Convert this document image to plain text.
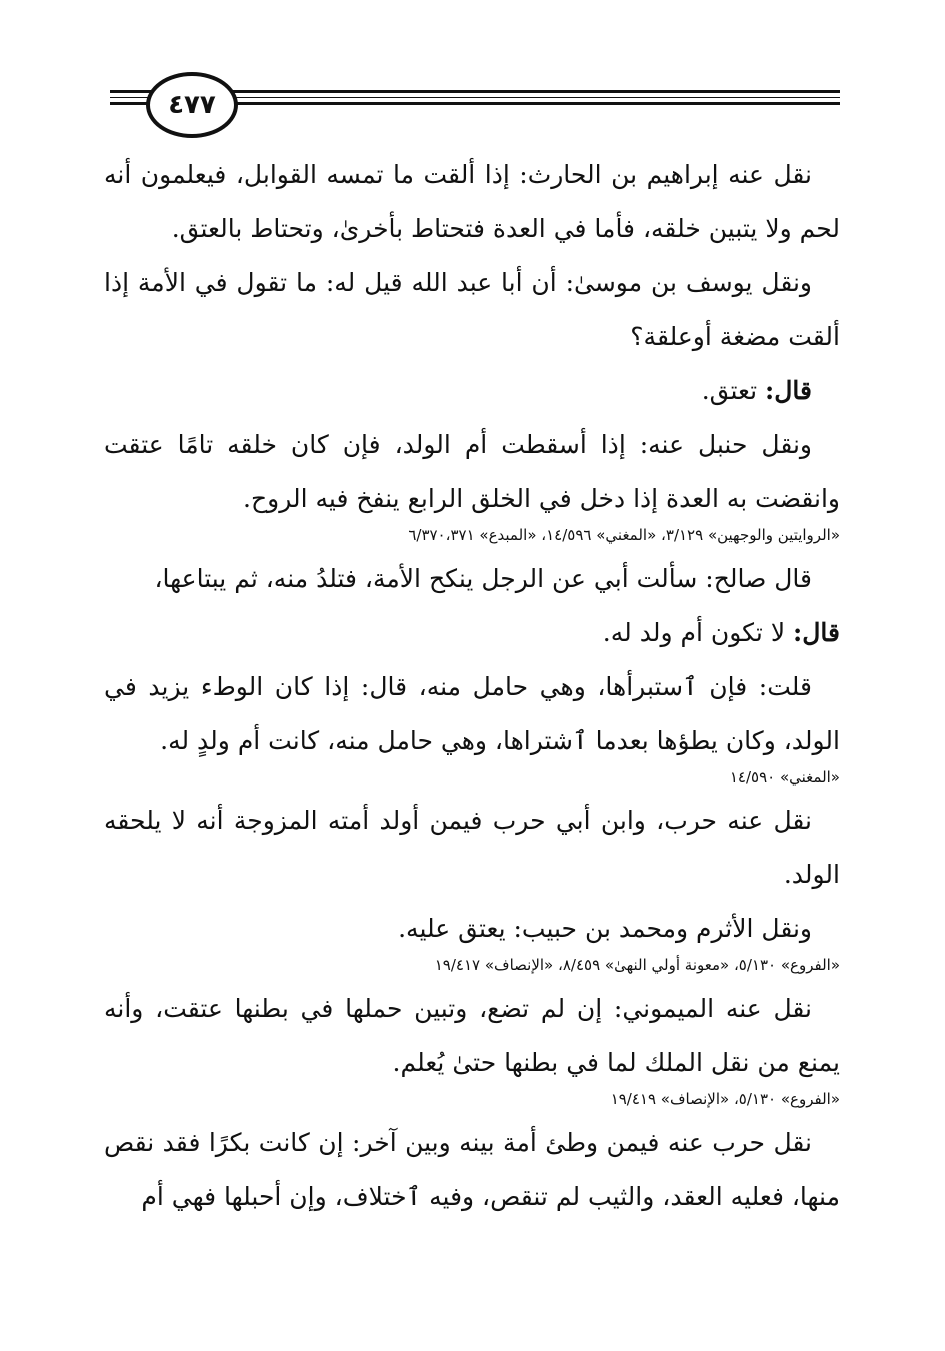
٤٧٧

نقل عنه إبراهيم بن الحارث: إذا ألقت ما تمسه القوابل، فيعلمون أنه لحم ولا يتبين خلقه، فأما في العدة فتحتاط بأخرىٰ، وتحتاط بالعتق.

ونقل يوسف بن موسىٰ: أن أبا عبد الله قيل له: ما تقول في الأمة إذا ألقت مضغة أوعلقة؟

قال: تعتق.

ونقل حنبل عنه: إذا أسقطت أم الولد، فإن كان خلقه تامًا عتقت وانقضت به العدة إذا دخل في الخلق الرابع ينفخ فيه الروح.

«الروايتين والوجهين» ٣/١٢٩، «المغني» ١٤/٥٩٦، «المبدع» ٦/٣٧٠،٣٧١

قال صالح: سألت أبي عن الرجل ينكح الأمة، فتلدُ منه، ثم يبتاعها،

قال: لا تكون أم ولد له.

قلت: فإن ٱستبرأها، وهي حامل منه، قال: إذا كان الوطء يزيد في الولد، وكان يطؤها بعدما ٱشتراها، وهي حامل منه، كانت أم ولدٍ له.

«المغني» ١٤/٥٩٠

نقل عنه حرب، وابن أبي حرب فيمن أولد أمته المزوجة أنه لا يلحقه الولد.

ونقل الأثرم ومحمد بن حبيب: يعتق عليه.

«الفروع» ٥/١٣٠، «معونة أولي النهىٰ» ٨/٤٥٩، «الإنصاف» ١٩/٤١٧

نقل عنه الميموني: إن لم تضع، وتبين حملها في بطنها عتقت، وأنه يمنع من نقل الملك لما في بطنها حتىٰ يُعلم.

«الفروع» ٥/١٣٠، «الإنصاف» ١٩/٤١٩

نقل حرب عنه فيمن وطئ أمة بينه وبين آخر: إن كانت بكرًا فقد نقص منها، فعليه العقد، والثيب لم تنقص، وفيه ٱختلاف، وإن أحبلها فهي أم
